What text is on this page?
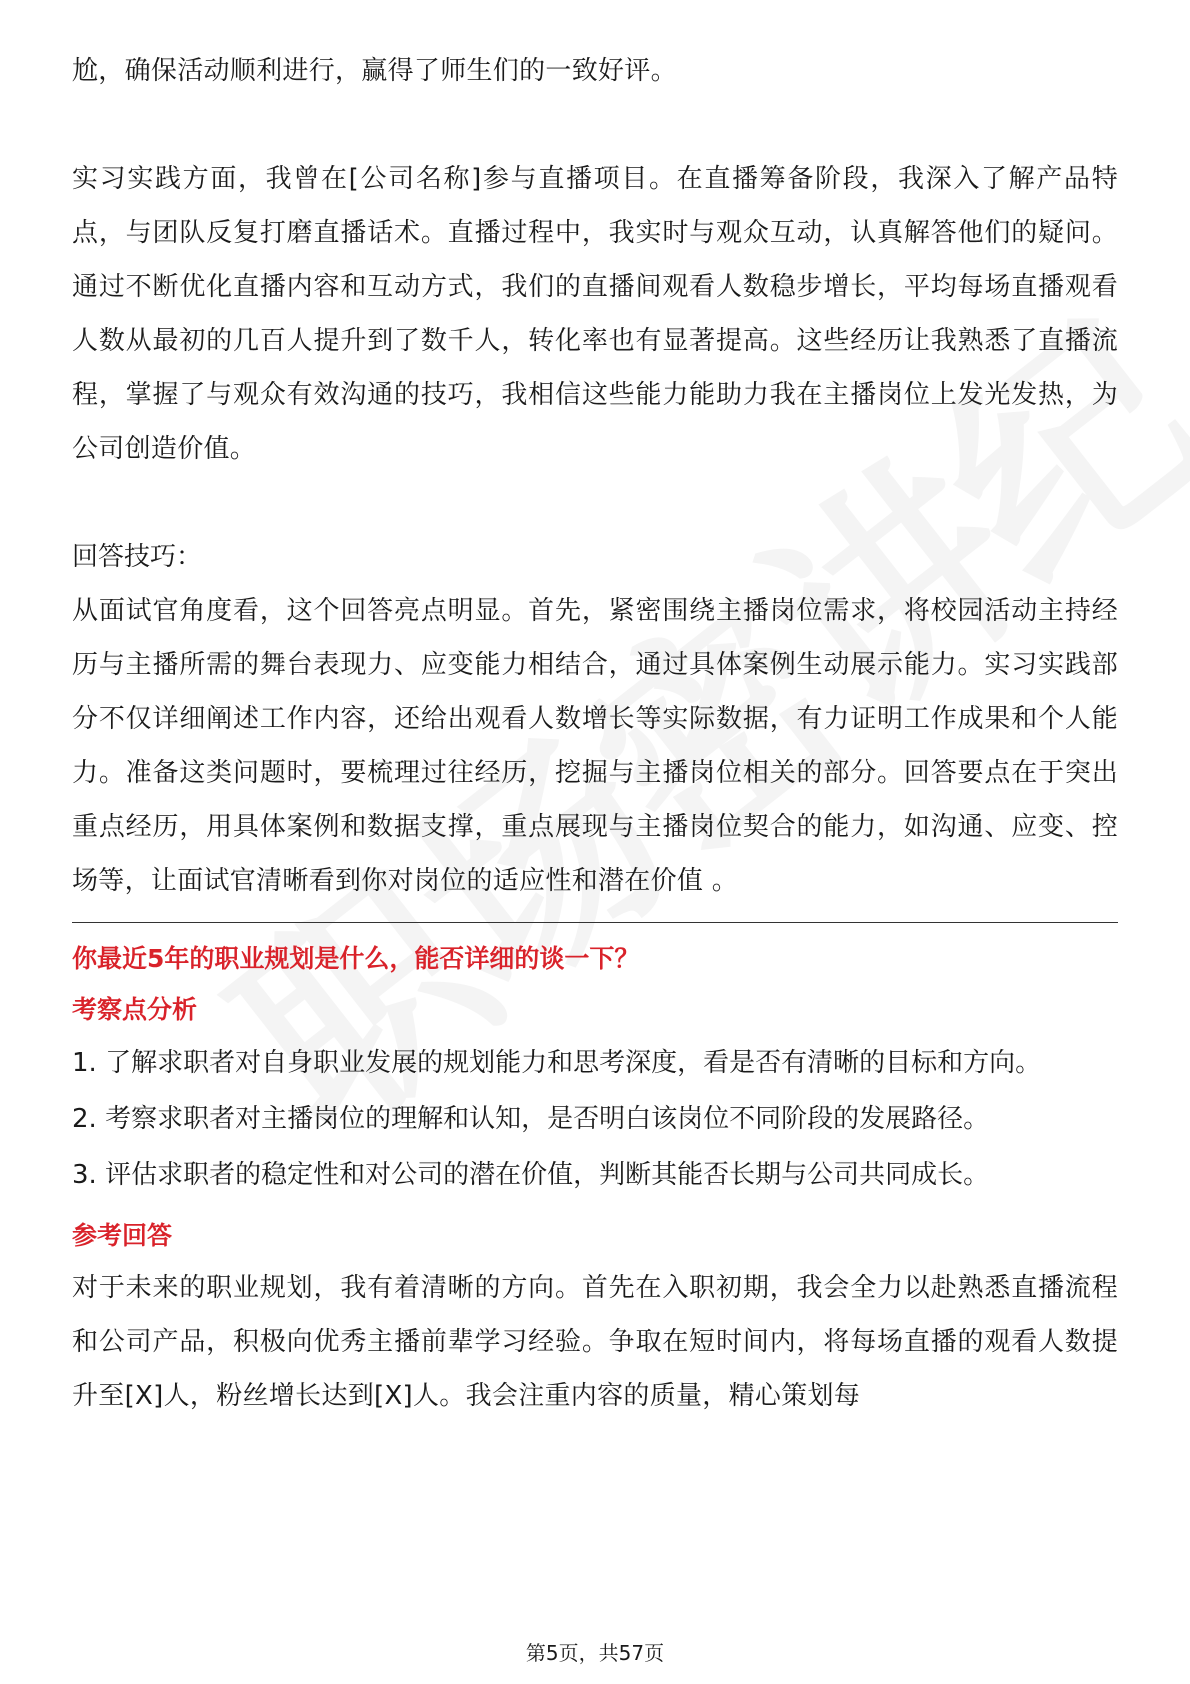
尬，确保活动顺利进行，赢得了师生们的一致好评。

实习实践方面，我曾在[公司名称]参与直播项目。在直播筹备阶段，我深入了解产品特点，与团队反复打磨直播话术。直播过程中，我实时与观众互动，认真解答他们的疑问。通过不断优化直播内容和互动方式，我们的直播间观看人数稳步增长，平均每场直播观看人数从最初的几百人提升到了数千人，转化率也有显著提高。这些经历让我熟悉了直播流程，掌握了与观众有效沟通的技巧，我相信这些能力能助力我在主播岗位上发光发热，为公司创造价值。

回答技巧：

从面试官角度看，这个回答亮点明显。首先，紧密围绕主播岗位需求，将校园活动主持经历与主播所需的舞台表现力、应变能力相结合，通过具体案例生动展示能力。实习实践部分不仅详细阐述工作内容，还给出观看人数增长等实际数据，有力证明工作成果和个人能力。准备这类问题时，要梳理过往经历，挖掘与主播岗位相关的部分。回答要点在于突出重点经历，用具体案例和数据支撑，重点展现与主播岗位契合的能力，如沟通、应变、控场等，让面试官清晰看到你对岗位的适应性和潜在价值 。

你最近5年的职业规划是什么，能否详细的谈一下？

考察点分析

1. 了解求职者对自身职业发展的规划能力和思考深度，看是否有清晰的目标和方向。

2. 考察求职者对主播岗位的理解和认知，是否明白该岗位不同阶段的发展路径。

3. 评估求职者的稳定性和对公司的潜在价值，判断其能否长期与公司共同成长。

参考回答

对于未来的职业规划，我有着清晰的方向。首先在入职初期，我会全力以赴熟悉直播流程和公司产品，积极向优秀主播前辈学习经验。争取在短时间内，将每场直播的观看人数提升至[X]人，粉丝增长达到[X]人。我会注重内容的质量，精心策划每

第5页，共57页
